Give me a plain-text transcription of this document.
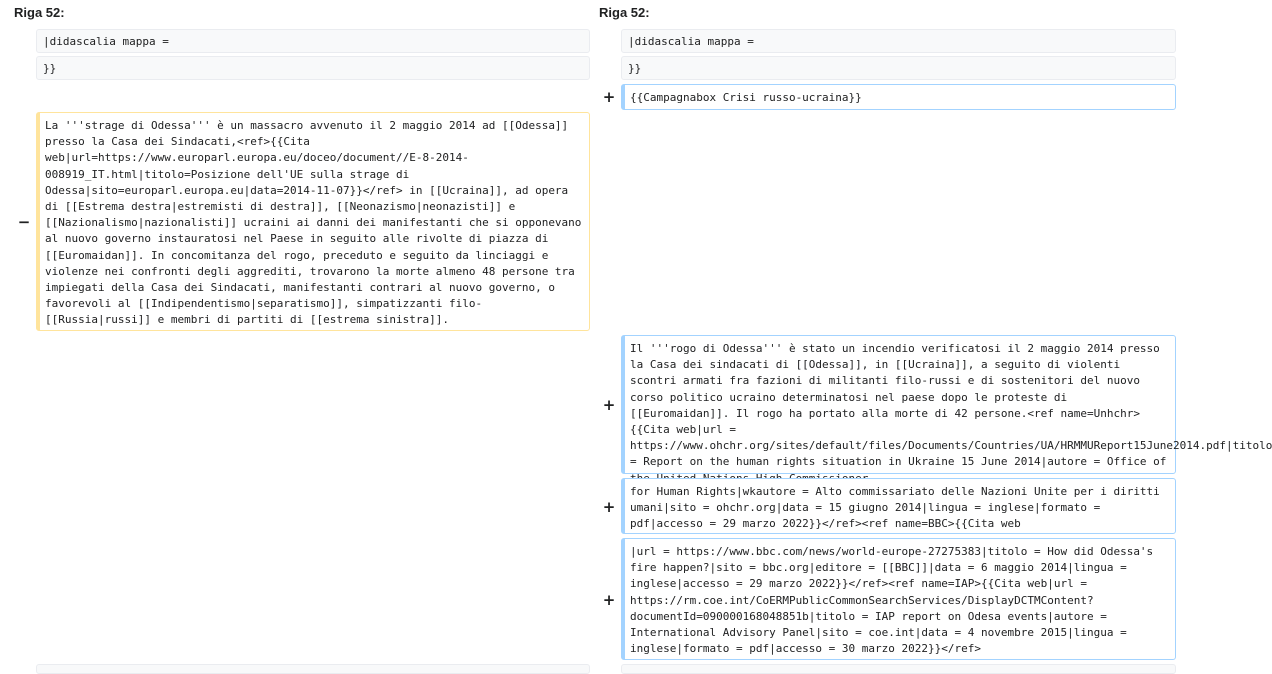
Riga 52:	Riga 52:
|didascalia mappa =
}}
−
La '''strage di Odessa''' è un massacro avvenuto il 2 maggio 2014 ad [[Odessa]] presso la Casa dei Sindacati,<ref>{{Cita web|url=https://www.europarl.europa.eu/doceo/document//E-8-2014-008919_IT.html|titolo=Posizione dell'UE sulla strage di Odessa|sito=europarl.europa.eu|data=2014-11-07}}</ref> in [[Ucraina]], ad opera di [[Estrema destra|estremisti di destra]], [[Neonazismo|neonazisti]] e [[Nazionalismo|nazionalisti]] ucraini ai danni dei manifestanti che si opponevano al nuovo governo instauratosi nel Paese in seguito alle rivolte di piazza di [[Euromaidan]]. In concomitanza del rogo, preceduto e seguito da linciaggi e violenze nei confronti degli aggrediti, trovarono la morte almeno 48 persone tra impiegati della Casa dei Sindacati, manifestanti contrari al nuovo governo, o favorevoli al [[Indipendentismo|separatismo]], simpatizzanti filo-[[Russia|russi]] e membri di partiti di [[estrema sinistra]].
|didascalia mappa =
}}
+	{{Campagnabox Crisi russo-ucraina}}
+
Il '''rogo di Odessa''' è stato un incendio verificatosi il 2 maggio 2014 presso la Casa dei sindacati di [[Odessa]], in [[Ucraina]], a seguito di violenti scontri armati fra fazioni di militanti filo-russi e di sostenitori del nuovo corso politico ucraino determinatosi nel paese dopo le proteste di [[Euromaidan]]. Il rogo ha portato alla morte di 42 persone.<ref name=Unhchr>{{Cita web|url = https://www.ohchr.org/sites/default/files/Documents/Countries/UA/HRMMUReport15June2014.pdf|titolo = Report on the human rights situation in Ukraine 15 June 2014|autore = Office of
+
for Human Rights|wkautore = Alto commissariato delle Nazioni Unite per i diritti umani|sito = ohchr.org|data = 15 giugno 2014|lingua = inglese|formato = pdf|accesso = 29 marzo 2022}}</ref><ref name=BBC>{{Cita web
+
|url = https://www.bbc.com/news/world-europe-27275383|titolo = How did Odessa's fire happen?|sito = bbc.org|editore = [[BBC]]|data = 6 maggio 2014|lingua = inglese|accesso = 29 marzo 2022}}</ref><ref name=IAP>{{Cita web|url = https://rm.coe.int/CoERMPublicCommonSearchServices/DisplayDCTMContent?documentId=090000168048851b|titolo = IAP report on Odesa events|autore = International Advisory Panel|sito = coe.int|data = 4 novembre 2015|lingua = inglese|formato = pdf|accesso = 30 marzo 2022}}</ref>
